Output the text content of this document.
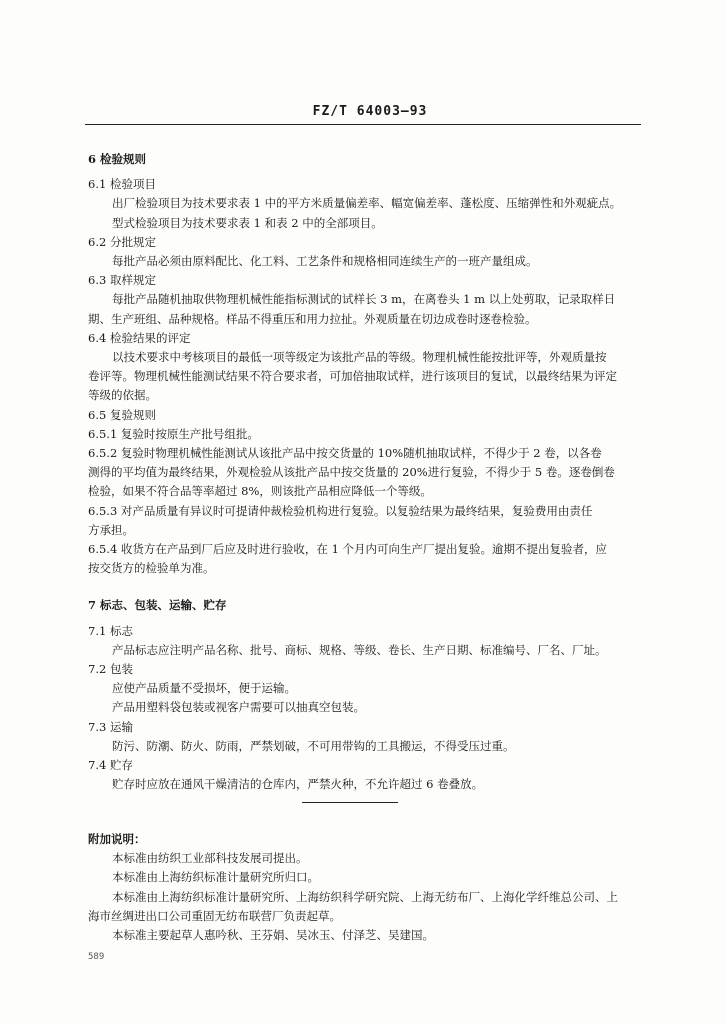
FZ/T 64003—93
6 检验规则
6.1 检验项目
出厂检验项目为技术要求表 1 中的平方米质量偏差率、幅宽偏差率、蓬松度、压缩弹性和外观疵点。
型式检验项目为技术要求表 1 和表 2 中的全部项目。
6.2 分批规定
每批产品必须由原料配比、化工料、工艺条件和规格相同连续生产的一班产量组成。
6.3 取样规定
每批产品随机抽取供物理机械性能指标测试的试样长 3 m，在离卷头 1 m 以上处剪取，记录取样日
期、生产班组、品种规格。样品不得重压和用力拉扯。外观质量在切边成卷时逐卷检验。
6.4 检验结果的评定
以技术要求中考核项目的最低一项等级定为该批产品的等级。物理机械性能按批评等，外观质量按
卷评等。物理机械性能测试结果不符合要求者，可加倍抽取试样，进行该项目的复试，以最终结果为评定
等级的依据。
6.5 复验规则
6.5.1 复验时按原生产批号组批。
6.5.2 复验时物理机械性能测试从该批产品中按交货量的 10%随机抽取试样，不得少于 2 卷，以各卷
测得的平均值为最终结果，外观检验从该批产品中按交货量的 20%进行复验，不得少于 5 卷。逐卷倒卷
检验，如果不符合品等率超过 8%，则该批产品相应降低一个等级。
6.5.3 对产品质量有异议时可提请仲裁检验机构进行复验。以复验结果为最终结果，复验费用由责任
方承担。
6.5.4 收货方在产品到厂后应及时进行验收，在 1 个月内可向生产厂提出复验。逾期不提出复验者，应
按交货方的检验单为准。
7 标志、包装、运输、贮存
7.1 标志
产品标志应注明产品名称、批号、商标、规格、等级、卷长、生产日期、标准编号、厂名、厂址。
7.2 包装
应使产品质量不受损坏，便于运输。
产品用塑料袋包装或视客户需要可以抽真空包装。
7.3 运输
防污、防潮、防火、防雨，严禁划破，不可用带钩的工具搬运，不得受压过重。
7.4 贮存
贮存时应放在通风干燥清洁的仓库内，严禁火种，不允许超过 6 卷叠放。
附加说明：
本标准由纺织工业部科技发展司提出。
本标准由上海纺织标准计量研究所归口。
本标准由上海纺织标准计量研究所、上海纺织科学研究院、上海无纺布厂、上海化学纤维总公司、上
海市丝绸进出口公司重固无纺布联营厂负责起草。
本标准主要起草人惠吟秋、王芬娟、吴冰玉、付泽芝、吴建国。
589
